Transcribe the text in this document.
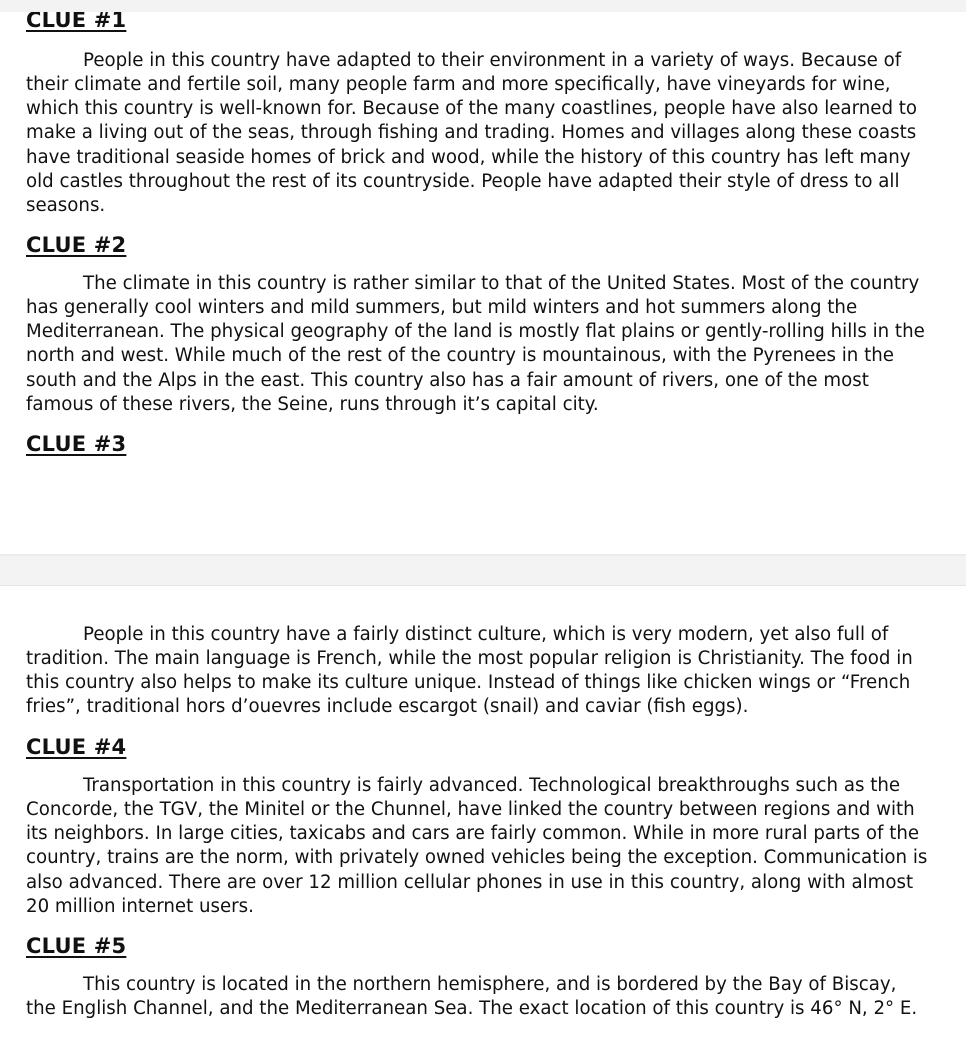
CLUE #1

People in this country have adapted to their environment in a variety of ways. Because of their climate and fertile soil, many people farm and more specifically, have vineyards for wine, which this country is well-known for. Because of the many coastlines, people have also learned to make a living out of the seas, through fishing and trading. Homes and villages along these coasts have traditional seaside homes of brick and wood, while the history of this country has left many old castles throughout the rest of its countryside. People have adapted their style of dress to all seasons.

CLUE #2

The climate in this country is rather similar to that of the United States. Most of the country has generally cool winters and mild summers, but mild winters and hot summers along the Mediterranean. The physical geography of the land is mostly flat plains or gently-rolling hills in the north and west. While much of the rest of the country is mountainous, with the Pyrenees in the south and the Alps in the east. This country also has a fair amount of rivers, one of the most famous of these rivers, the Seine, runs through it’s capital city.

CLUE #3

People in this country have a fairly distinct culture, which is very modern, yet also full of tradition. The main language is French, while the most popular religion is Christianity. The food in this country also helps to make its culture unique. Instead of things like chicken wings or “French fries”, traditional hors d’ouevres include escargot (snail) and caviar (fish eggs).

CLUE #4

Transportation in this country is fairly advanced. Technological breakthroughs such as the Concorde, the TGV, the Minitel or the Chunnel, have linked the country between regions and with its neighbors. In large cities, taxicabs and cars are fairly common. While in more rural parts of the country, trains are the norm, with privately owned vehicles being the exception. Communication is also advanced. There are over 12 million cellular phones in use in this country, along with almost 20 million internet users.

CLUE #5

This country is located in the northern hemisphere, and is bordered by the Bay of Biscay, the English Channel, and the Mediterranean Sea. The exact location of this country is 46° N, 2° E.
